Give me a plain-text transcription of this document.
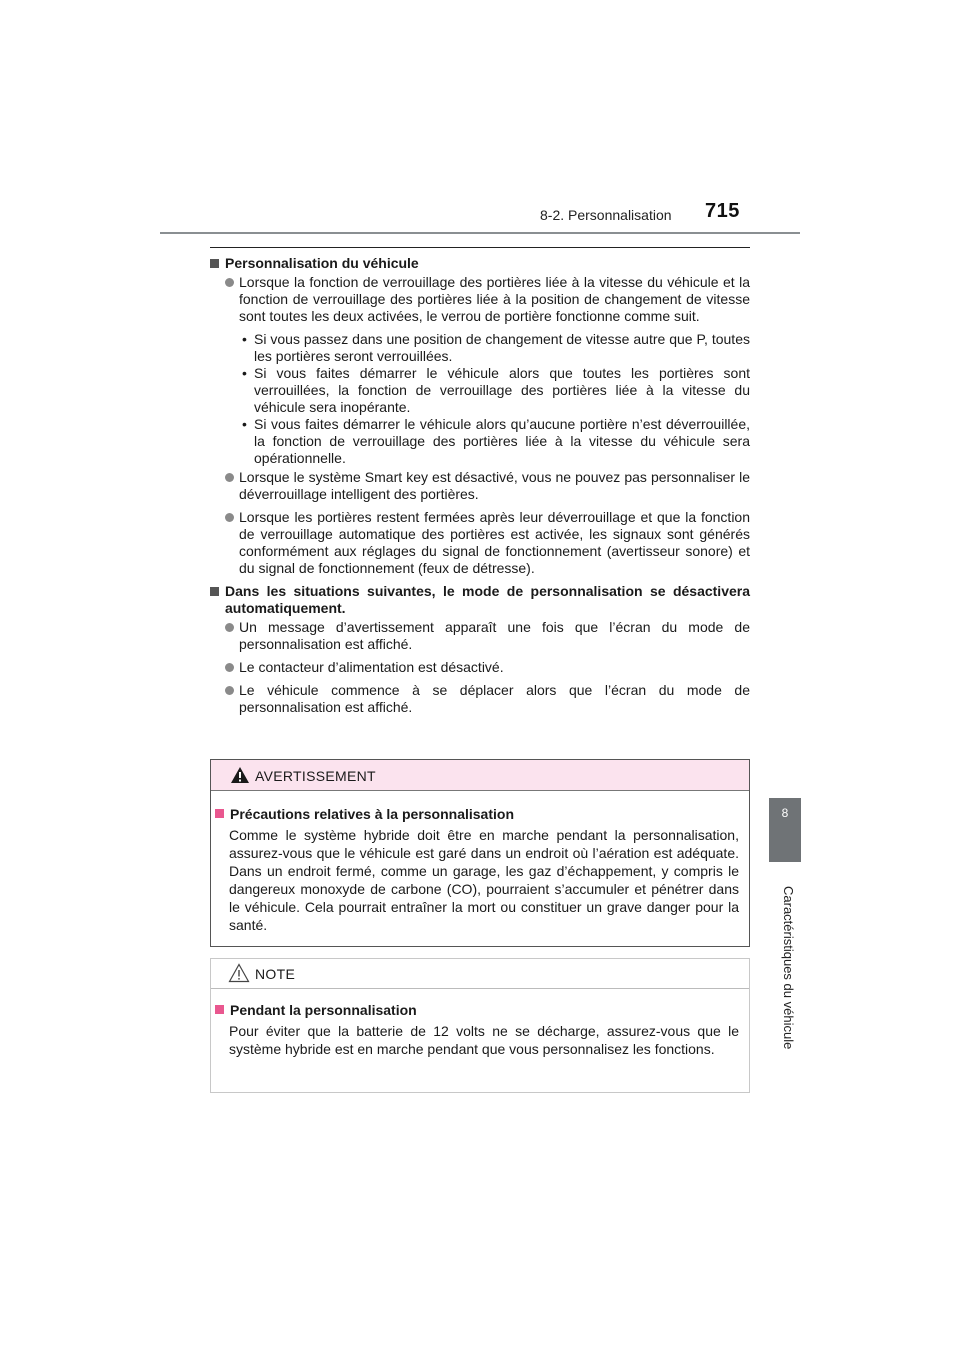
8-2. Personnalisation	715
8
Caractéristiques du véhicule
Personnalisation du véhicule
Lorsque la fonction de verrouillage des portières liée à la vitesse du véhicule et la fonction de verrouillage des portières liée à la position de changement de vitesse sont toutes les deux activées, le verrou de portière fonctionne comme suit.
• Si vous passez dans une position de changement de vitesse autre que P, toutes les portières seront verrouillées.
• Si vous faites démarrer le véhicule alors que toutes les portières sont verrouillées, la fonction de verrouillage des portières liée à la vitesse du véhicule sera inopérante.
• Si vous faites démarrer le véhicule alors qu’aucune portière n’est déverrouillée, la fonction de verrouillage des portières liée à la vitesse du véhicule sera opérationnelle.
Lorsque le système Smart key est désactivé, vous ne pouvez pas personnaliser le déverrouillage intelligent des portières.
Lorsque les portières restent fermées après leur déverrouillage et que la fonction de verrouillage automatique des portières est activée, les signaux sont générés conformément aux réglages du signal de fonctionnement (avertisseur sonore) et du signal de fonctionnement (feux de détresse).
Dans les situations suivantes, le mode de personnalisation se désactivera automatiquement.
Un message d’avertissement apparaît une fois que l’écran du mode de personnalisation est affiché.
Le contacteur d’alimentation est désactivé.
Le véhicule commence à se déplacer alors que l’écran du mode de personnalisation est affiché.
AVERTISSEMENT
Précautions relatives à la personnalisation
Comme le système hybride doit être en marche pendant la personnalisation, assurez-vous que le véhicule est garé dans un endroit où l’aération est adéquate. Dans un endroit fermé, comme un garage, les gaz d’échappement, y compris le dangereux monoxyde de carbone (CO), pourraient s’accumuler et pénétrer dans le véhicule. Cela pourrait entraîner la mort ou constituer un grave danger pour la santé.
NOTE
Pendant la personnalisation
Pour éviter que la batterie de 12 volts ne se décharge, assurez-vous que le système hybride est en marche pendant que vous personnalisez les fonctions.
